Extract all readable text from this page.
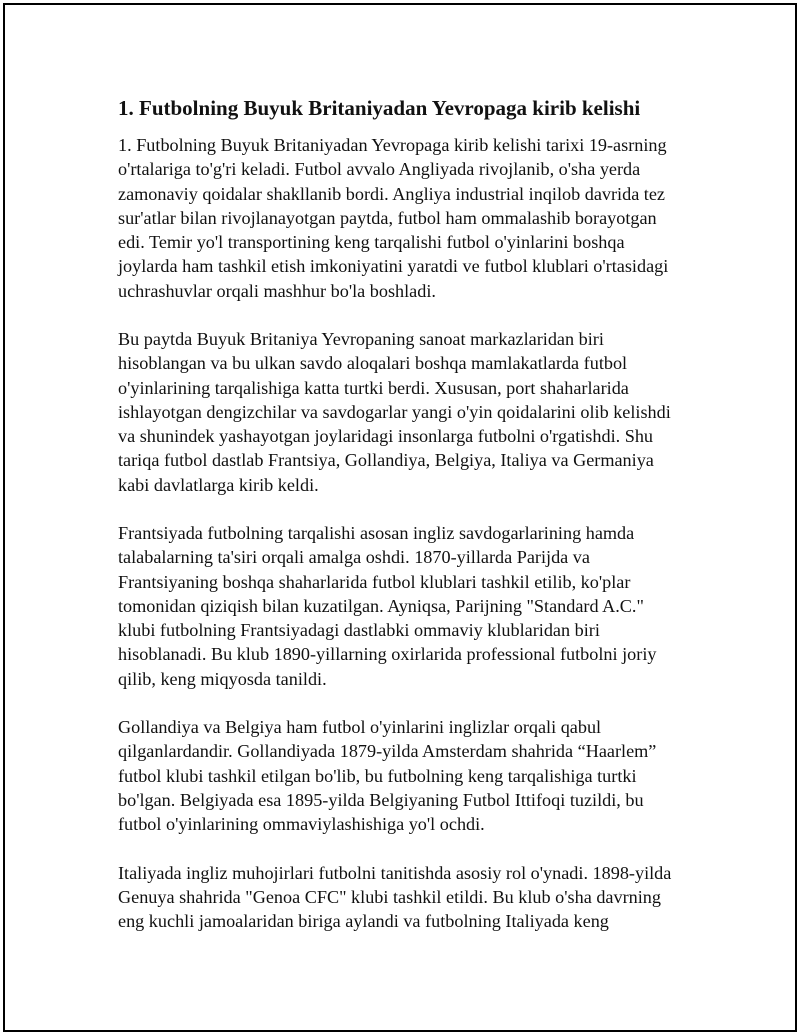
1. Futbolning Buyuk Britaniyadan Yevropaga kirib kelishi

1. Futbolning Buyuk Britaniyadan Yevropaga kirib kelishi tarixi 19-asrning
o'rtalariga to'g'ri keladi. Futbol avvalo Angliyada rivojlanib, o'sha yerda
zamonaviy qoidalar shakllanib bordi. Angliya industrial inqilob davrida tez
sur'atlar bilan rivojlanayotgan paytda, futbol ham ommalashib borayotgan
edi. Temir yo'l transportining keng tarqalishi futbol o'yinlarini boshqa
joylarda ham tashkil etish imkoniyatini yaratdi ve futbol klublari o'rtasidagi
uchrashuvlar orqali mashhur bo'la boshladi.

Bu paytda Buyuk Britaniya Yevropaning sanoat markazlaridan biri
hisoblangan va bu ulkan savdo aloqalari boshqa mamlakatlarda futbol
o'yinlarining tarqalishiga katta turtki berdi. Xususan, port shaharlarida
ishlayotgan dengizchilar va savdogarlar yangi o'yin qoidalarini olib kelishdi
va shunindek yashayotgan joylaridagi insonlarga futbolni o'rgatishdi. Shu
tariqa futbol dastlab Frantsiya, Gollandiya, Belgiya, Italiya va Germaniya
kabi davlatlarga kirib keldi.

Frantsiyada futbolning tarqalishi asosan ingliz savdogarlarining hamda
talabalarning ta'siri orqali amalga oshdi. 1870-yillarda Parijda va
Frantsiyaning boshqa shaharlarida futbol klublari tashkil etilib, ko'plar
tomonidan qiziqish bilan kuzatilgan. Ayniqsa, Parijning "Standard A.C."
klubi futbolning Frantsiyadagi dastlabki ommaviy klublaridan biri
hisoblanadi. Bu klub 1890-yillarning oxirlarida professional futbolni joriy
qilib, keng miqyosda tanildi.

Gollandiya va Belgiya ham futbol o'yinlarini inglizlar orqali qabul
qilganlardandir. Gollandiyada 1879-yilda Amsterdam shahrida “Haarlem”
futbol klubi tashkil etilgan bo'lib, bu futbolning keng tarqalishiga turtki
bo'lgan. Belgiyada esa 1895-yilda Belgiyaning Futbol Ittifoqi tuzildi, bu
futbol o'yinlarining ommaviylashishiga yo'l ochdi.

Italiyada ingliz muhojirlari futbolni tanitishda asosiy rol o'ynadi. 1898-yilda
Genuya shahrida "Genoa CFC" klubi tashkil etildi. Bu klub o'sha davrning
eng kuchli jamoalaridan biriga aylandi va futbolning Italiyada keng
